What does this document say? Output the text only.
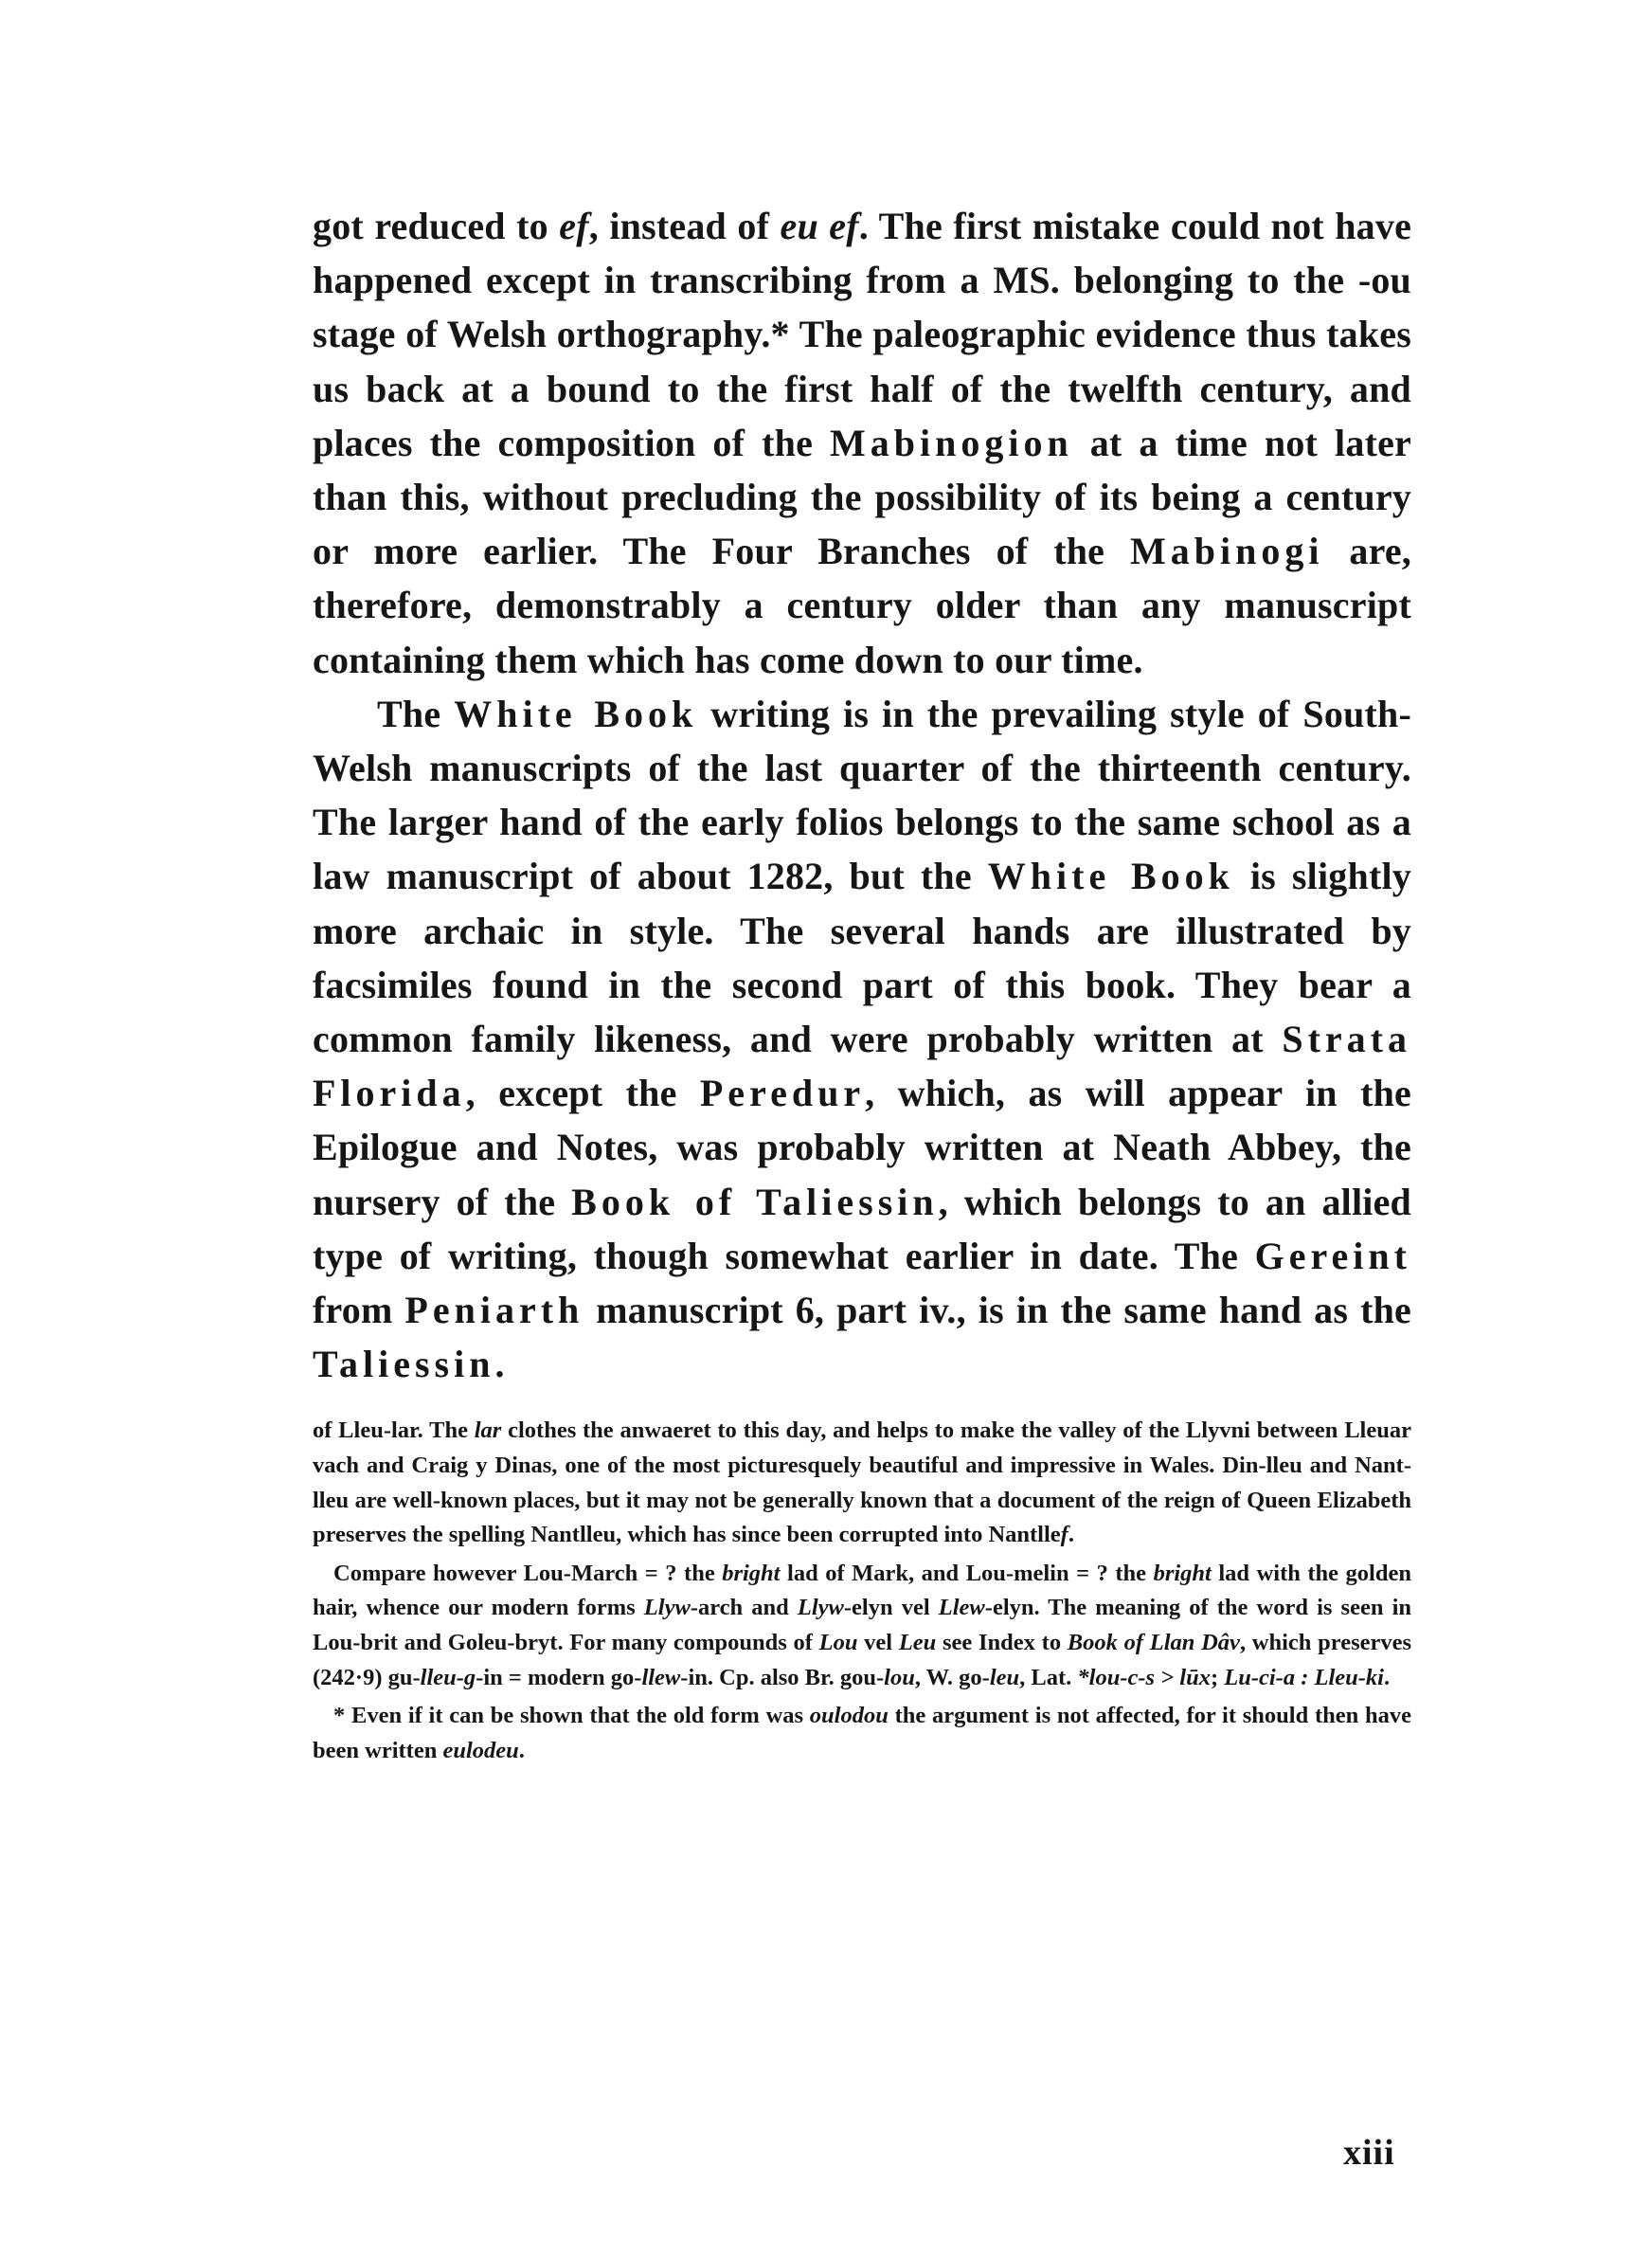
got reduced to ef, instead of eu ef. The first mistake could not have happened except in transcribing from a MS. belonging to the -ou stage of Welsh orthography.* The paleographic evidence thus takes us back at a bound to the first half of the twelfth century, and places the composition of the Mabinogion at a time not later than this, without precluding the possibility of its being a century or more earlier. The Four Branches of the Mabinogi are, therefore, demonstrably a century older than any manuscript containing them which has come down to our time.

The White Book writing is in the prevailing style of South-Welsh manuscripts of the last quarter of the thirteenth century. The larger hand of the early folios belongs to the same school as a law manuscript of about 1282, but the White Book is slightly more archaic in style. The several hands are illustrated by facsimiles found in the second part of this book. They bear a common family likeness, and were probably written at Strata Florida, except the Peredur, which, as will appear in the Epilogue and Notes, was probably written at Neath Abbey, the nursery of the Book of Taliessin, which belongs to an allied type of writing, though somewhat earlier in date. The Gereint from Peniarth manuscript 6, part iv., is in the same hand as the Taliessin.

of Lleu-lar. The lar clothes the anwaeret to this day, and helps to make the valley of the Llyvni between Lleuar vach and Craig y Dinas, one of the most picturesquely beautiful and impressive in Wales. Din-lleu and Nant-lleu are well-known places, but it may not be generally known that a document of the reign of Queen Elizabeth preserves the spelling Nantlleu, which has since been corrupted into Nantllef.

Compare however Lou-March = ? the bright lad of Mark, and Lou-melin = ? the bright lad with the golden hair, whence our modern forms Llyw-arch and Llyw-elyn vel Llew-elyn. The meaning of the word is seen in Lou-brit and Goleu-bryt. For many compounds of Lou vel Leu see Index to Book of Llan Dâv, which preserves (242·9) gu-lleu-g-in = modern go-llew-in. Cp. also Br. gou-lou, W. go-leu, Lat. *lou-c-s > lūx; Lu-ci-a : Lleu-ki.

* Even if it can be shown that the old form was oulodou the argument is not affected, for it should then have been written eulodeu.

xiii
